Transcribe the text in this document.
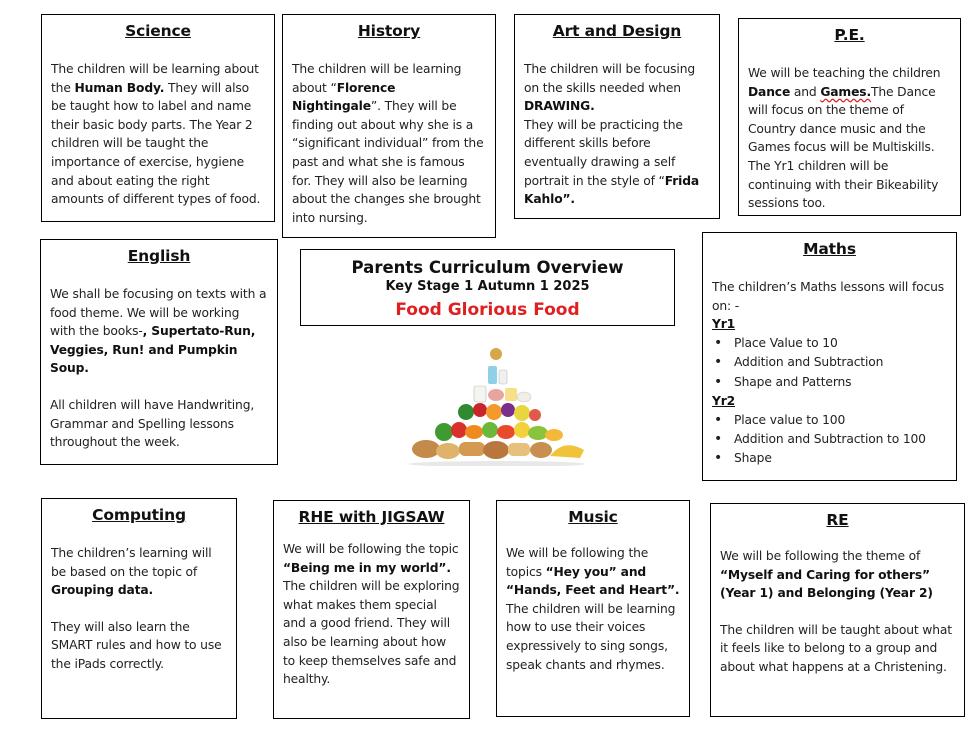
Science

The children will be learning about the Human Body. They will also be taught how to label and name their basic body parts. The Year 2 children will be taught the importance of exercise, hygiene and about eating the right amounts of different types of food.

History

The children will be learning about “Florence Nightingale”. They will be finding out about why she is a “significant individual” from the past and what she is famous for. They will also be learning about the changes she brought into nursing.

Art and Design

The children will be focusing on the skills needed when DRAWING.
They will be practicing the different skills before eventually drawing a self portrait in the style of “Frida Kahlo”.

P.E.

We will be teaching the children Dance and Games.The Dance will focus on the theme of Country dance music and the Games focus will be Multiskills. The Yr1 children will be continuing with their Bikeability sessions too.

English

We shall be focusing on texts with a food theme. We will be working with the books-, Supertato-Run, Veggies, Run! and Pumpkin Soup.

All children will have Handwriting, Grammar and Spelling lessons throughout the week.

Parents Curriculum Overview
Key Stage 1 Autumn 1 2025
Food Glorious Food
Maths

The children’s Maths lessons will focus on: -

Yr1
• Place Value to 10
• Addition and Subtraction
• Shape and Patterns
Yr2
• Place value to 100
• Addition and Subtraction to 100
• Shape
Computing

The children’s learning will be based on the topic of Grouping data.

They will also learn the SMART rules and how to use the iPads correctly.

RHE with JIGSAW

We will be following the topic “Being me in my world”.
The children will be exploring what makes them special and a good friend. They will also be learning about how to keep themselves safe and healthy.

Music

We will be following the topics “Hey you” and “Hands, Feet and Heart”. The children will be learning how to use their voices expressively to sing songs, speak chants and rhymes.

RE

We will be following the theme of “Myself and Caring for others” (Year 1) and Belonging (Year 2)

The children will be taught about what it feels like to belong to a group and about what happens at a Christening.
